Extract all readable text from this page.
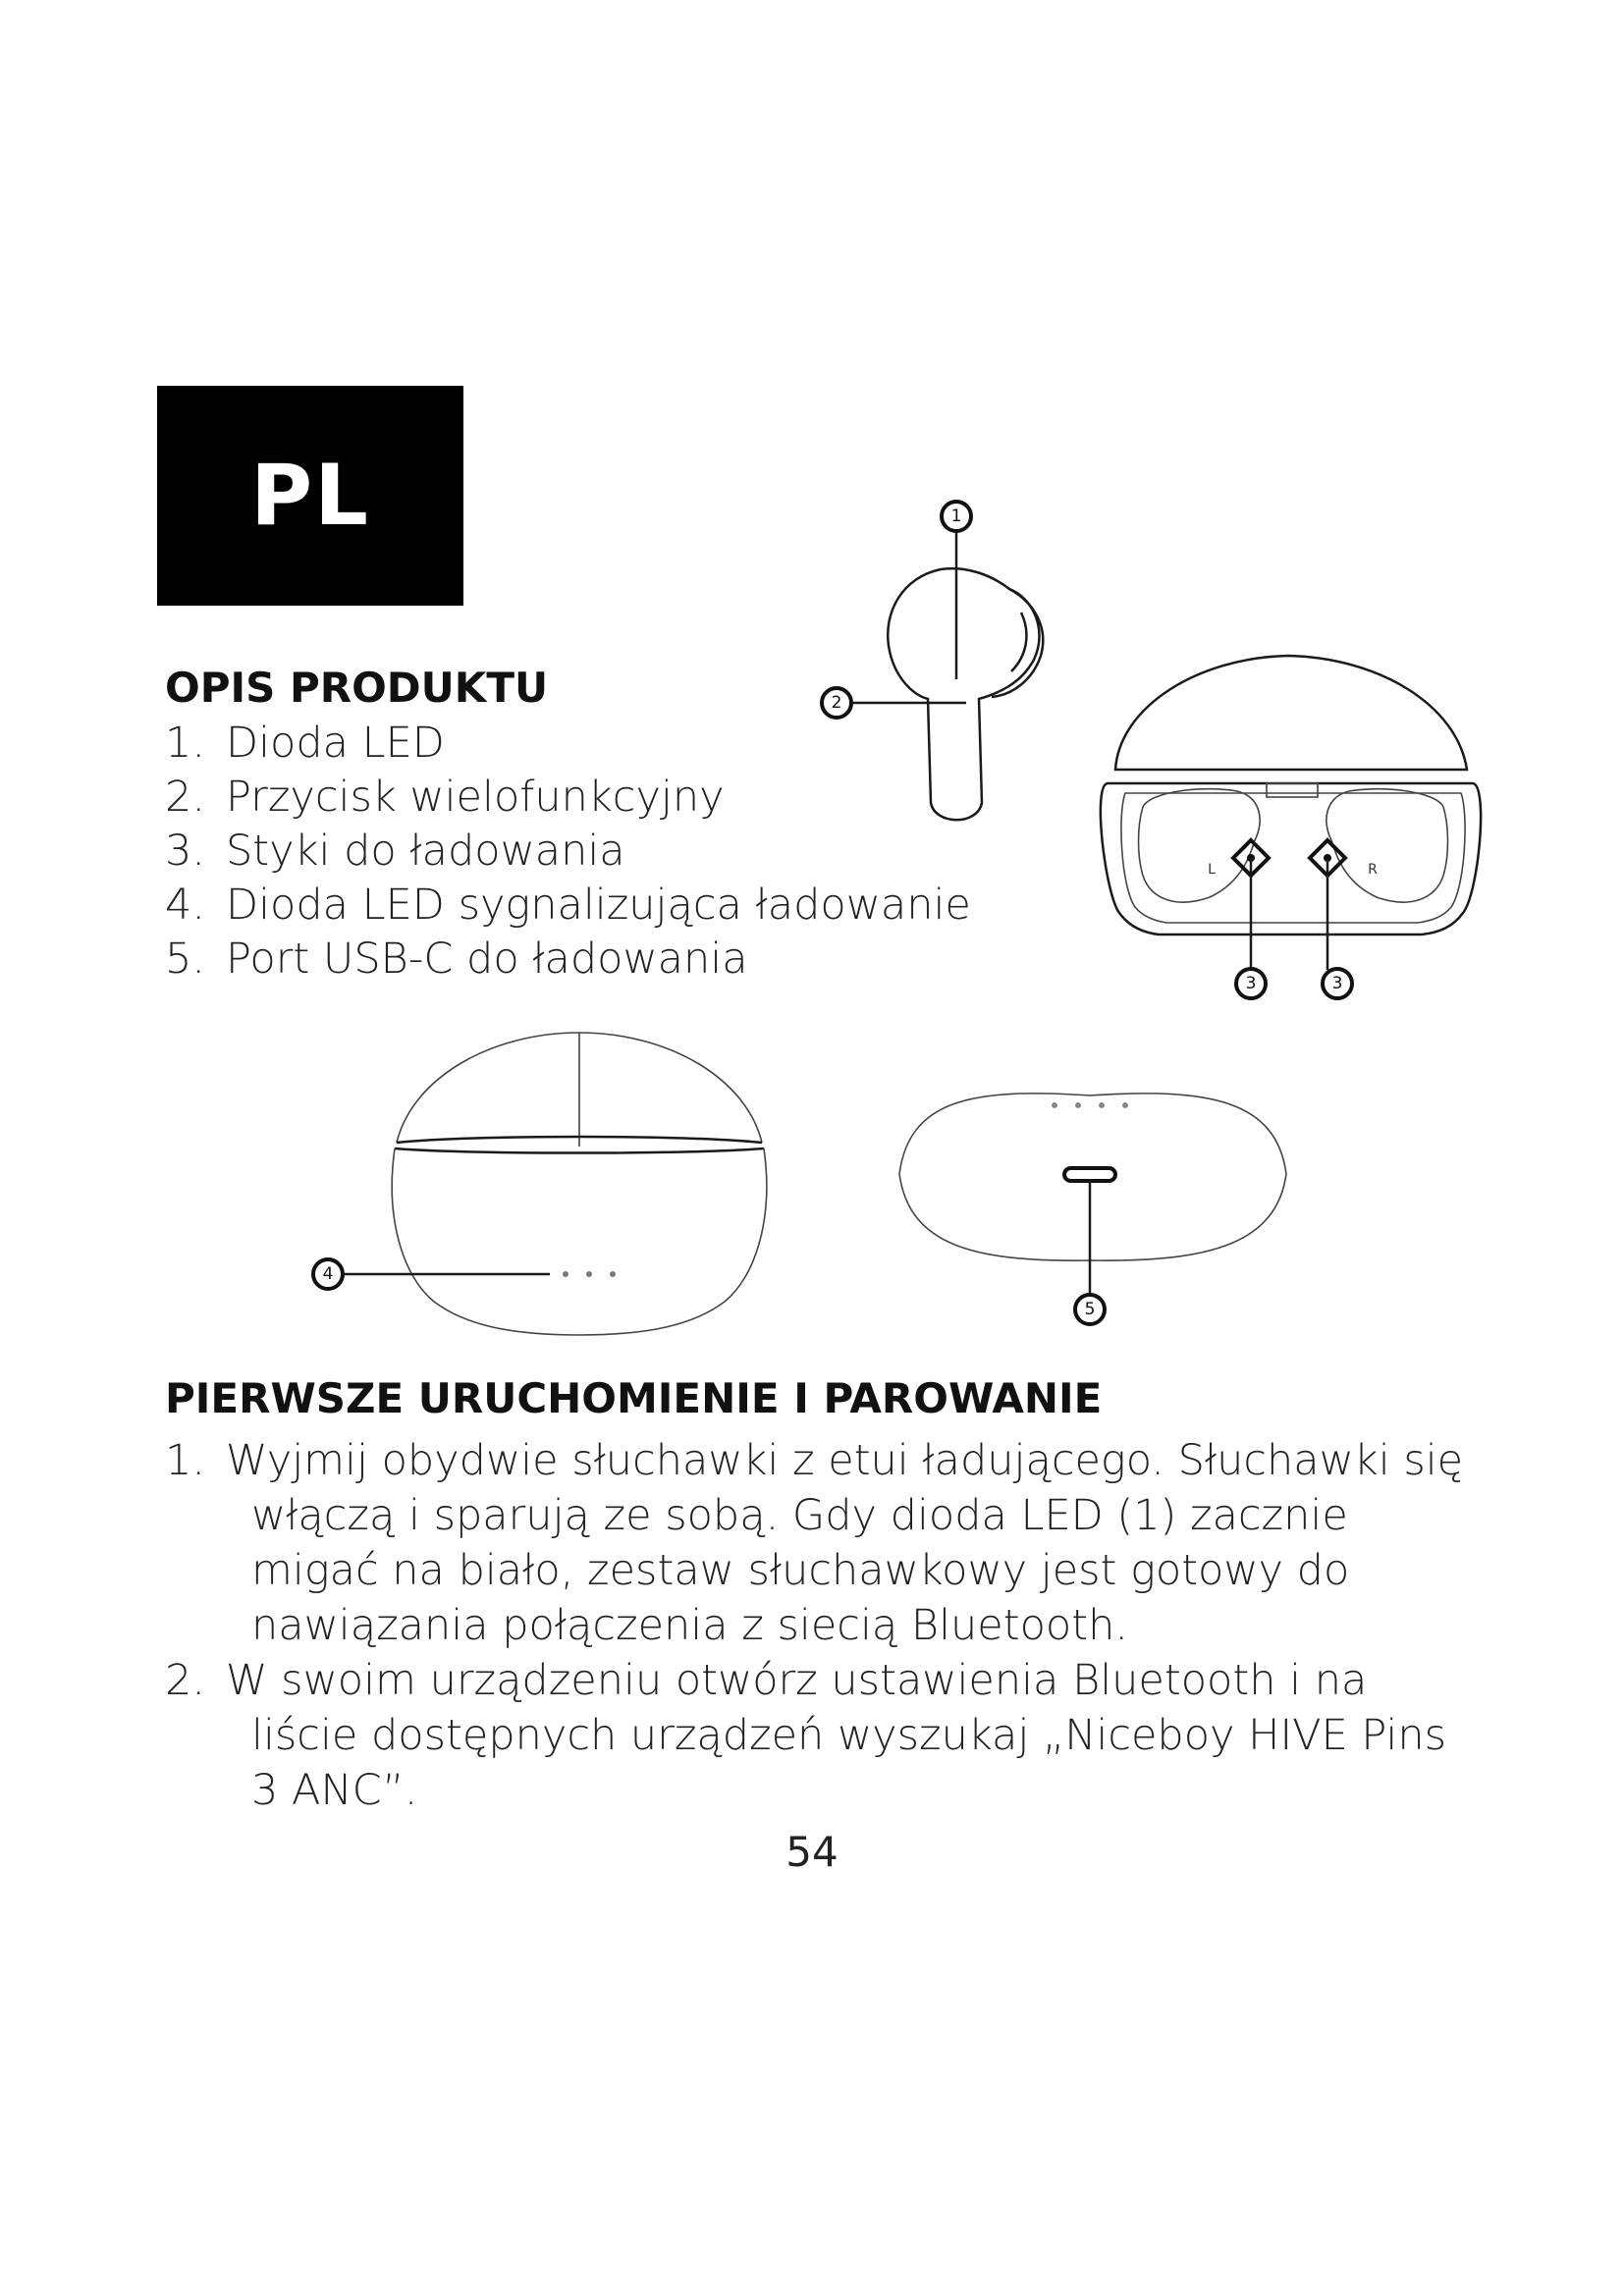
PL
OPIS PRODUKTU
1. Dioda LED
2. Przycisk wielofunkcyjny
3. Styki do ładowania
4. Dioda LED sygnalizująca ładowanie
5. Port USB-C do ładowania
L	R
1
2
3	3
4
5
PIERWSZE URUCHOMIENIE I PAROWANIE
1. Wyjmij obydwie słuchawki z etui ładującego. Słuchawki się włączą i sparują ze sobą. Gdy dioda LED (1) zacznie migać na biało, zestaw słuchawkowy jest gotowy do nawiązania połączenia z siecią Bluetooth.
2. W swoim urządzeniu otwórz ustawienia Bluetooth i na liście dostępnych urządzeń wyszukaj „Niceboy HIVE Pins 3 ANC”.
54
